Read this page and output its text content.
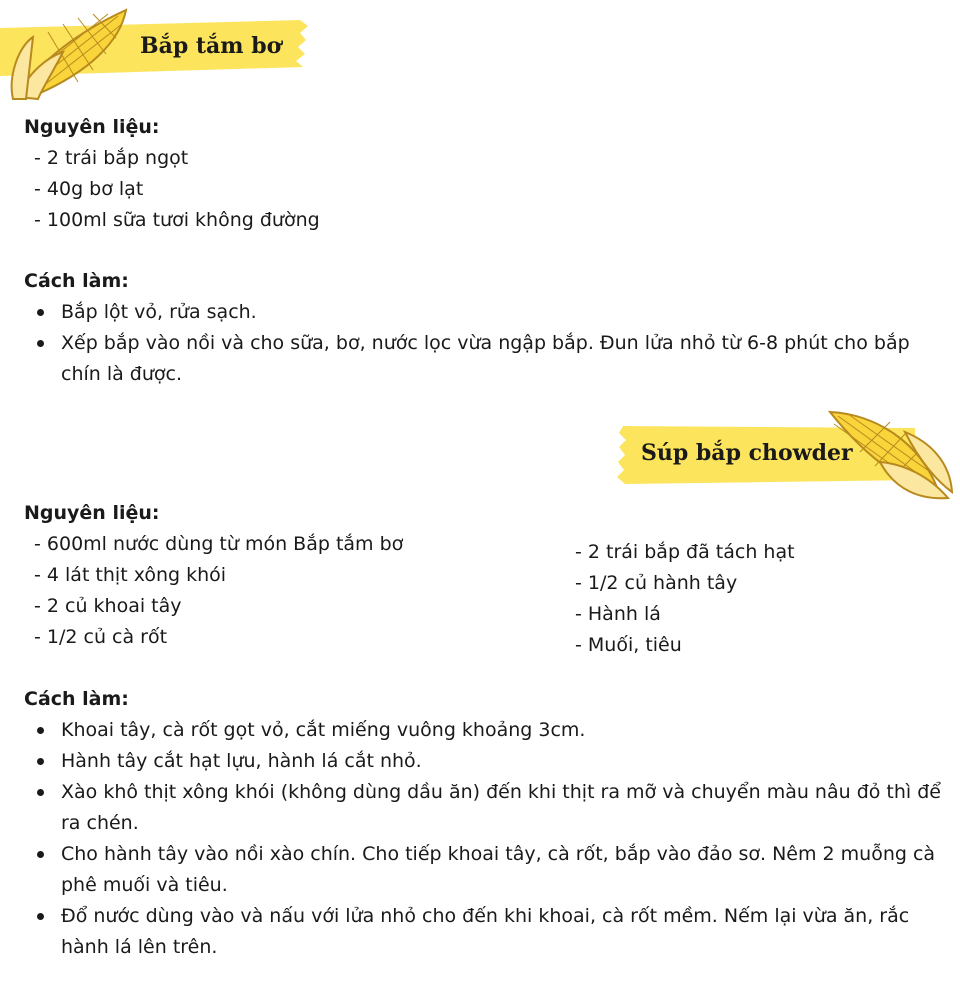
Bắp tắm bơ
Nguyên liệu:
- 2 trái bắp ngọt
- 40g bơ lạt
- 100ml sữa tươi không đường
Cách làm:
Bắp lột vỏ, rửa sạch.
Xếp bắp vào nồi và cho sữa, bơ, nước lọc vừa ngập bắp. Đun lửa nhỏ từ 6-8 phút cho bắp chín là được.
Súp bắp chowder
Nguyên liệu:
- 600ml nước dùng từ món Bắp tắm bơ
- 4 lát thịt xông khói
- 2 củ khoai tây
- 1/2 củ cà rốt
- 2 trái bắp đã tách hạt
- 1/2 củ hành tây
- Hành lá
- Muối, tiêu
Cách làm:
Khoai tây, cà rốt gọt vỏ, cắt miếng vuông khoảng 3cm.
Hành tây cắt hạt lựu, hành lá cắt nhỏ.
Xào khô thịt xông khói (không dùng dầu ăn) đến khi thịt ra mỡ và chuyển màu nâu đỏ thì để ra chén.
Cho hành tây vào nồi xào chín. Cho tiếp khoai tây, cà rốt, bắp vào đảo sơ. Nêm 2 muỗng cà phê muối và tiêu.
Đổ nước dùng vào và nấu với lửa nhỏ cho đến khi khoai, cà rốt mềm. Nếm lại vừa ăn, rắc hành lá lên trên.
